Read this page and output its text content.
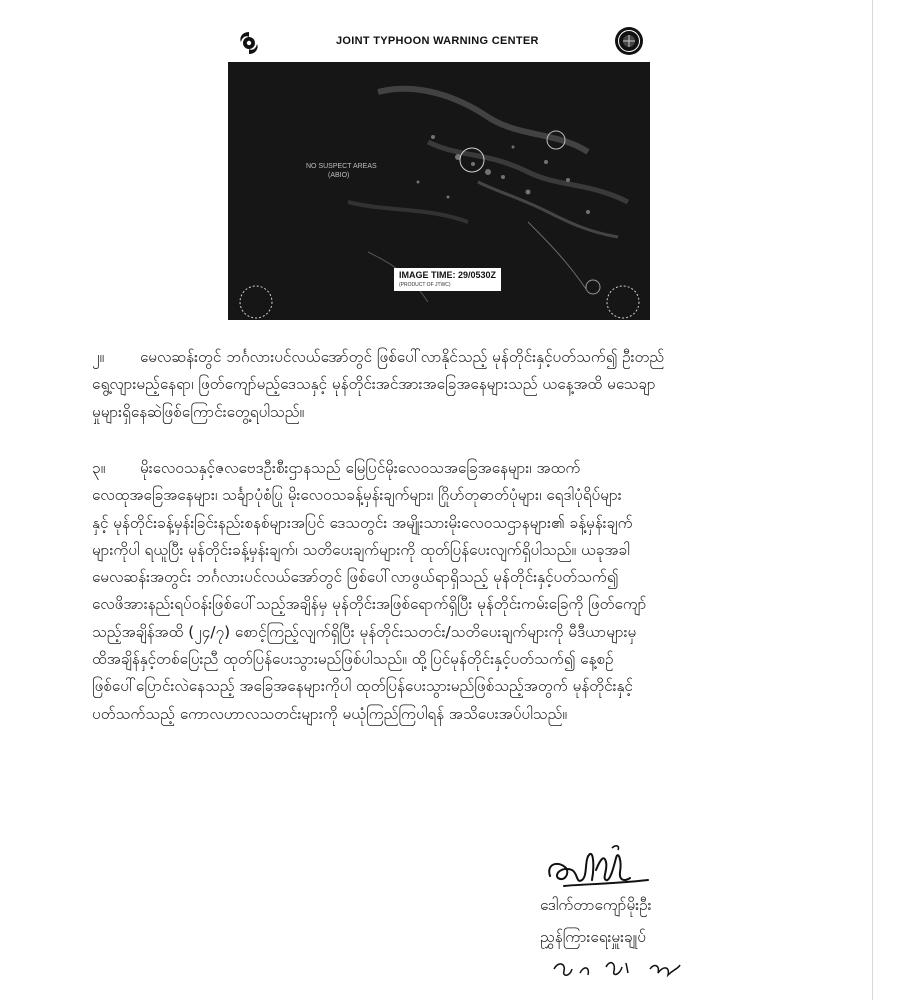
JOINT TYPHOON WARNING CENTER
NO SUSPECT AREAS
(ABIO)
IMAGE TIME: 29/0530Z
(PRODUCT OF JTWC)
၂။	မေလဆန်းတွင် ဘင်္ဂလားပင်လယ်အော်တွင် ဖြစ်ပေါ်လာနိုင်သည့် မုန်တိုင်းနှင့်ပတ်သက်၍ ဦးတည်
ရွေ့လျားမည့်နေရာ၊ ဖြတ်ကျော်မည့်ဒေသနှင့် မုန်တိုင်းအင်အားအခြေအနေများသည် ယနေ့အထိ မသေချာ
မှုများရှိနေဆဲဖြစ်ကြောင်းတွေ့ရပါသည်။
၃။	မိုးလေဝသနှင့်ဇလဗေဒဦးစီးဌာနသည် မြေပြင်မိုးလေဝသအခြေအနေများ၊ အထက်
လေထုအခြေအနေများ၊ သင်္ချာပုံစံပြု မိုးလေဝသခန့်မှန်းချက်များ၊ ဂြိုဟ်တုဓာတ်ပုံများ၊ ရေဒါပုံရိပ်များ
နှင့် မုန်တိုင်းခန့်မှန်းခြင်းနည်းစနစ်များအပြင် ဒေသတွင်း အမျိုးသားမိုးလေဝသဌာနများ၏ ခန့်မှန်းချက်
များကိုပါ ရယူပြီး မုန်တိုင်းခန့်မှန်းချက်၊ သတိပေးချက်များကို ထုတ်ပြန်ပေးလျက်ရှိပါသည်။ ယခုအခါ
မေလဆန်းအတွင်း ဘင်္ဂလားပင်လယ်အော်တွင် ဖြစ်ပေါ်လာဖွယ်ရာရှိသည့် မုန်တိုင်းနှင့်ပတ်သက်၍
လေဖိအားနည်းရပ်ဝန်းဖြစ်ပေါ်သည့်အချိန်မှ မုန်တိုင်းအဖြစ်ရောက်ရှိပြီး မုန်တိုင်းကမ်းခြေကို ဖြတ်ကျော်
သည့်အချိန်အထိ (၂၄/၇) စောင့်ကြည့်လျက်ရှိပြီး မုန်တိုင်းသတင်း/သတိပေးချက်များကို မီဒီယာများမှ
ထိအချိန်နှင့်တစ်ပြေးညီ ထုတ်ပြန်ပေးသွားမည်ဖြစ်ပါသည်။ ထို့ပြင်မုန်တိုင်းနှင့်ပတ်သက်၍ နေ့စဉ်
ဖြစ်ပေါ်ပြောင်းလဲနေသည့် အခြေအနေများကိုပါ ထုတ်ပြန်ပေးသွားမည်ဖြစ်သည့်အတွက် မုန်တိုင်းနှင့်
ပတ်သက်သည့် ကောလဟာလသတင်းများကို မယုံကြည်ကြပါရန် အသိပေးအပ်ပါသည်။
ဒေါက်တာကျော်မိုးဦး
ညွှန်ကြားရေးမှူးချုပ်
